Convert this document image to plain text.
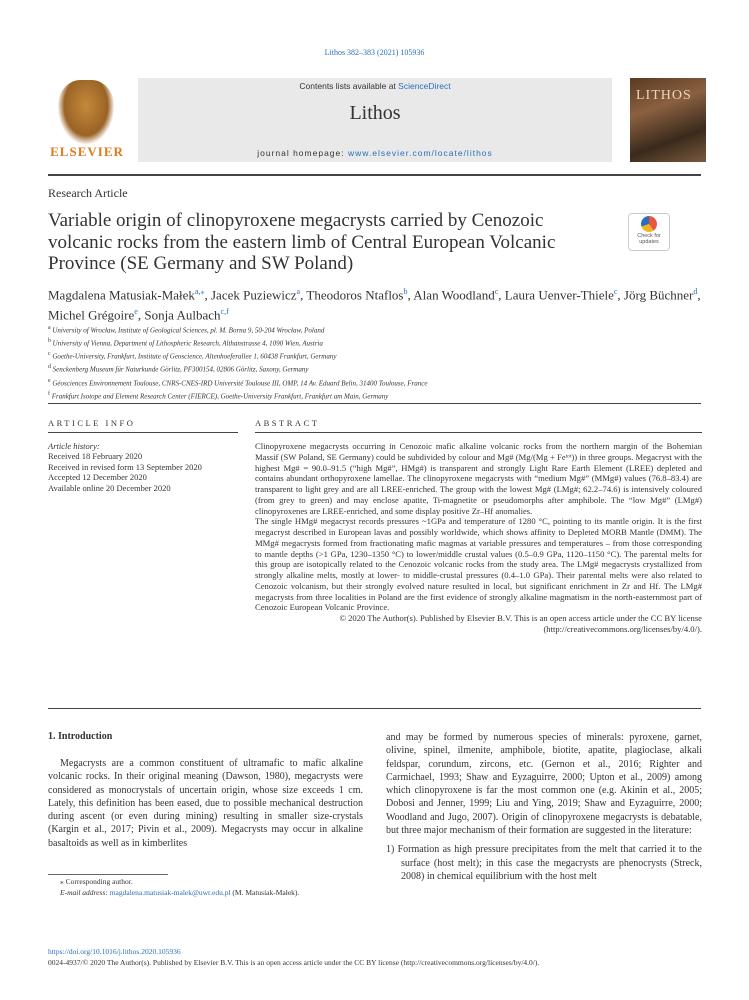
Lithos 382–383 (2021) 105936
ELSEVIER
Contents lists available at ScienceDirect
Lithos
journal homepage: www.elsevier.com/locate/lithos
LITHOS
Research Article
Variable origin of clinopyroxene megacrysts carried by Cenozoic volcanic rocks from the eastern limb of Central European Volcanic Province (SE Germany and SW Poland)
Check for updates
Magdalena Matusiak-Małek$^{a,⁎}$, Jacek Puziewicz$^a$, Theodoros Ntaflos$^b$, Alan Woodland$^c$, Laura Uenver-Thiele$^c$, Jörg Büchner$^d$, Michel Grégoire$^e$, Sonja Aulbach$^{c,f}$
$^a$ University of Wrocław, Institute of Geological Sciences, pl. M. Borna 9, 50-204 Wrocław, Poland
$^b$ University of Vienna, Department of Lithospheric Research, Althanstrasse 4, 1090 Wien, Austria
$^c$ Goethe-University, Frankfurt, Institute of Geoscience, Altenhoeferallee 1, 60438 Frankfurt, Germany
$^d$ Senckenberg Museum für Naturkunde Görlitz, PF300154, 02806 Görlitz, Saxony, Germany
$^e$ Géosciences Environnement Toulouse, CNRS-CNES-IRD Université Toulouse III, OMP, 14 Av. Eduard Belin, 31400 Toulouse, France
$^f$ Frankfurt Isotope and Element Research Center (FIERCE), Goethe-University Frankfurt, Frankfurt am Main, Germany
ARTICLE INFO
Article history:
Received 18 February 2020
Received in revised form 13 September 2020
Accepted 12 December 2020
Available online 20 December 2020
ABSTRACT

Clinopyroxene megacrysts occurring in Cenozoic mafic alkaline volcanic rocks from the northern margin of the Bohemian Massif (SW Poland, SE Germany) could be subdivided by colour and Mg# (Mg/(Mg + Feᵗᵒᵗ)) in three groups. Megacryst with the highest Mg# = 90.0–91.5 (“high Mg#”, HMg#) is transparent and strongly Light Rare Earth Element (LREE) depleted and contains abundant orthopyroxene lamellae. The clinopyroxene megacrysts with “medium Mg#” (MMg#) values (76.8–83.4) are transparent to light grey and are all LREE-enriched. The group with the lowest Mg# (LMg#; 62.2–74.6) is intensively coloured (from grey to green) and may enclose apatite, Ti-magnetite or pseudomorphs after amphibole. The “low Mg#” (LMg#) clinopyroxenes are LREE-enriched, and some display positive Zr–Hf anomalies.

The single HMg# megacryst records pressures ~1GPa and temperature of 1280 °C, pointing to its mantle origin. It is the first megacryst described in European lavas and possibly worldwide, which shows affinity to Depleted MORB Mantle (DMM). The MMg# megacrysts formed from fractionating mafic magmas at variable pressures and temperatures – from those corresponding to mantle depths (>1 GPa, 1230–1350 °C) to lower/middle crustal values (0.5–0.9 GPa, 1120–1150 °C). The parental melts for this group are isotopically related to the Cenozoic volcanic rocks from the study area. The LMg# megacrysts crystallized from strongly alkaline melts, mostly at lower- to middle-crustal pressures (0.4–1.0 GPa). Their parental melts were also related to Cenozoic volcanism, but their strongly evolved nature resulted in local, but significant enrichment in Zr and Hf. The LMg# megacrysts from three localities in Poland are the first evidence of strongly alkaline magmatism in the north-easternmost part of Cenozoic European Volcanic Province.

© 2020 The Author(s). Published by Elsevier B.V. This is an open access article under the CC BY license (http://creativecommons.org/licenses/by/4.0/).

1. Introduction

Megacrysts are a common constituent of ultramafic to mafic alkaline volcanic rocks. In their original meaning (Dawson, 1980), megacrysts were considered as monocrystals of uncertain origin, whose size exceeds 1 cm. Lately, this definition has been eased, due to possible mechanical destruction during ascent (or even during mining) resulting in smaller size-crystals (Kargin et al., 2017; Pivin et al., 2009). Megacrysts may occur in alkaline basaltoids as well as in kimberlites

and may be formed by numerous species of minerals: pyroxene, garnet, olivine, spinel, ilmenite, amphibole, biotite, apatite, plagioclase, alkali feldspar, corundum, zircons, etc. (Gernon et al., 2016; Righter and Carmichael, 1993; Shaw and Eyzaguirre, 2000; Upton et al., 2009) among which clinopyroxene is far the most common one (e.g. Akinin et al., 2005; Dobosi and Jenner, 1999; Liu and Ying, 2019; Shaw and Eyzaguirre, 2000; Woodland and Jugo, 2007). Origin of clinopyroxene megacrysts is debatable, but three major mechanism of their formation are suggested in the literature:

1) Formation as high pressure precipitates from the melt that carried it to the surface (host melt); in this case the megacrysts are phenocrysts (Streck, 2008) in chemical equilibrium with the host melt

⁎ Corresponding author.
E-mail address: magdalena.matusiak-malek@uwr.edu.pl (M. Matusiak-Małek).
https://doi.org/10.1016/j.lithos.2020.105936
0024-4937/© 2020 The Author(s). Published by Elsevier B.V. This is an open access article under the CC BY license (http://creativecommons.org/licenses/by/4.0/).
